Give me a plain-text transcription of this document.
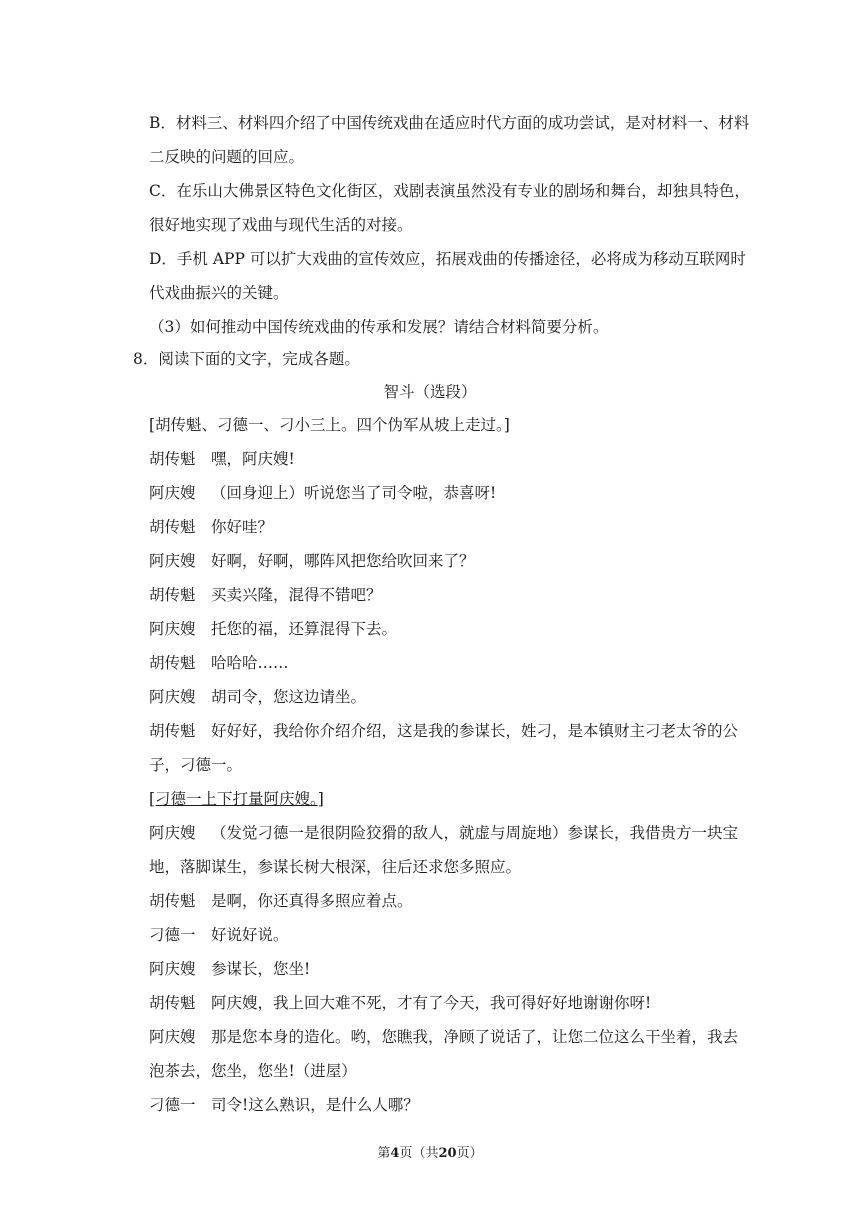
B．材料三、材料四介绍了中国传统戏曲在适应时代方面的成功尝试，是对材料一、材料
二反映的问题的回应。
C．在乐山大佛景区特色文化街区，戏剧表演虽然没有专业的剧场和舞台，却独具特色，
很好地实现了戏曲与现代生活的对接。
D．手机 APP 可以扩大戏曲的宣传效应，拓展戏曲的传播途径，必将成为移动互联网时
代戏曲振兴的关键。
（3）如何推动中国传统戏曲的传承和发展？请结合材料简要分析。
8．阅读下面的文字，完成各题。
智斗（选段）
[胡传魁、刁德一、刁小三上。四个伪军从坡上走过。]
胡传魁 嘿，阿庆嫂!
阿庆嫂 （回身迎上）听说您当了司令啦，恭喜呀!
胡传魁 你好哇？
阿庆嫂 好啊，好啊，哪阵风把您给吹回来了？
胡传魁 买卖兴隆，混得不错吧？
阿庆嫂 托您的福，还算混得下去。
胡传魁 哈哈哈……
阿庆嫂 胡司令，您这边请坐。
胡传魁 好好好，我给你介绍介绍，这是我的参谋长，姓刁，是本镇财主刁老太爷的公
子，刁德一。
[刁德一上下打量阿庆嫂。]
阿庆嫂 （发觉刁德一是很阴险狡猾的敌人，就虚与周旋地）参谋长，我借贵方一块宝
地，落脚谋生，参谋长树大根深，往后还求您多照应。
胡传魁 是啊，你还真得多照应着点。
刁德一 好说好说。
阿庆嫂 参谋长，您坐!
胡传魁 阿庆嫂，我上回大难不死，才有了今天，我可得好好地谢谢你呀!
阿庆嫂 那是您本身的造化。哟，您瞧我，净顾了说话了，让您二位这么干坐着，我去
泡茶去，您坐，您坐!（进屋）
刁德一 司令!这么熟识，是什么人哪？
第4页（共20页）
